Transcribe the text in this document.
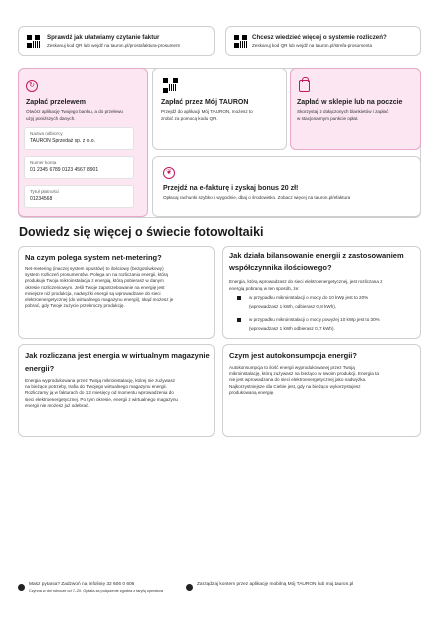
Sprawdź jak ułatwiamy czytanie faktur
Zeskanuj kod QR lub wejdź na tauron.pl/prostafaktura-prosument
Chcesz wiedzieć więcej o systemie rozliczeń?
Zeskanuj kod QR lub wejdź na tauron.pl/strefa-prosumenta
↻
Zapłać przelewem
Otwórz aplikację Twojego banku, a do przelewu
użyj poniższych danych.
Nazwa odbiorcy
TAURON Sprzedaż sp. z o.o.
Numer konta
01 2345 6789 0123 4567 8901
Tytuł płatności
01234568
Zapłać przez Mój TAURON
Przejdź do aplikacji Mój TAURON, możesz to
zrobić za pomocą kodu QR.
Zapłać w sklepie lub na poczcie
Skorzystaj z dołączonych blankietów i zapłać
w stacjonarnym punkcie opłat.
❦
Przejdź na e-fakturę i zyskaj bonus 20 zł!
Opłacaj rachunki szybko i wygodnie, dbaj o środowisko. Zobacz więcej na tauron.pl/efaktura
Dowiedz się więcej o świecie fotowoltaiki
Na czym polega system net-metering?
Net-metering (inaczej system opustów) to ilościowy (bezgotówkowy)
system rozliczeń prosumentów. Polega on na rozliczaniu energii, którą
produkuje Twoja mikroinstalacja z energią, którą pobierasz w danym
okresie rozliczeniowym. Jeśli Twoje zapotrzebowanie na energię jest
mniejsze niż produkcja, nadwyżki energii są wprowadzane do sieci
elektroenergetycznej (do wirtualnego magazynu energii), skąd możesz je
pobrać, gdy Twoje zużycie przekroczy produkcję.
Jak działa bilansowanie energii z zastosowaniem
współczynnika ilościowego?
Energia, którą wprowadzasz do sieci elektroenergetycznej, jest rozliczana z
energią pobraną w ten sposób, że:
w przypadku mikroinstalacji o mocy do 10 kWp jest to 20%
(wprowadzasz 1 kWh, odbierasz 0,8 kWh),
w przypadku mikroinstalacji o mocy powyżej 10 kWp jest to 30%
(wprowadzasz 1 kWh odbierasz 0,7 kWh).
Jak rozliczana jest energia w wirtualnym magazynie
energii?
Energia wyprodukowana przez Twoją mikroinstalację, której nie zużywasz
na bieżące potrzeby, trafia do Twojego wirtualnego magazynu energii.
Rozliczamy ją w fakturach do 12 miesięcy od momentu wprowadzenia do
sieci elektroenergetycznej. Po tym okresie, energii z wirtualnego magazynu
energii nie możesz już odebrać.
Czym jest autokonsumpcja energii?
Autokonsumpcja to ilość energii wyprodukowanej przez Twoją
mikroinstalację, którą zużywasz na bieżąco w swoim produkcji. Energia ta
nie jest wprowadzana do sieci elektroenergetycznej jako nadwyżka.
Najkorzystniejsze dla Ciebie jest, gdy na bieżąco wykorzystujesz
produkowaną energię.
Masz pytania? Zadzwoń na infolinię 32 606 0 606
Czynna w dni robocze od 7–20. Opłata za połączenie zgodna z taryfą operatora
Zarządzaj kontem przez aplikację mobilną Mój TAURON lub moj.tauron.pl
